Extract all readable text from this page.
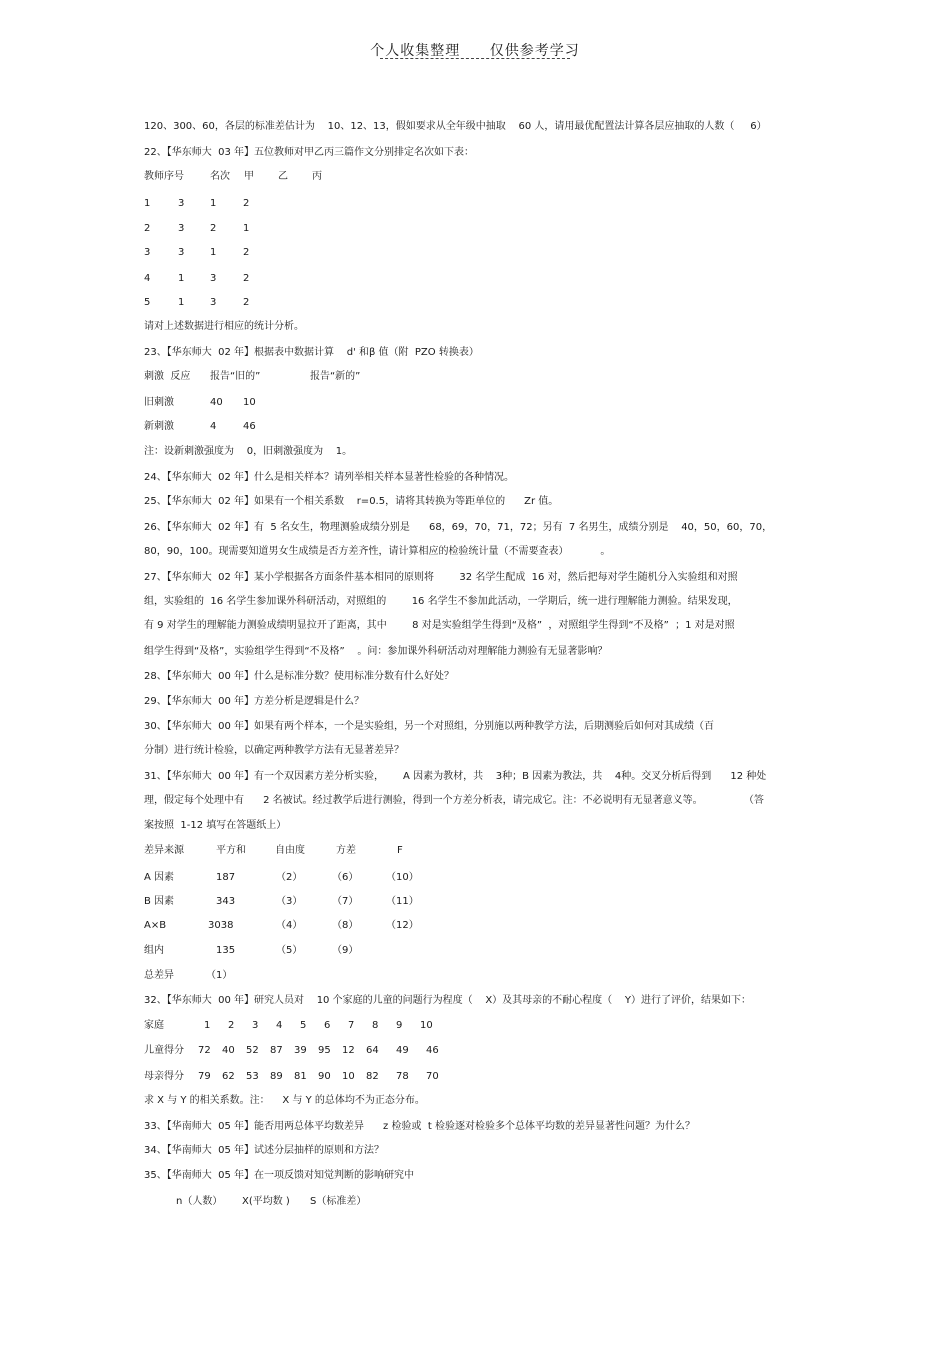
个人收集整理 仅供参考学习
120、300、60，各层的标准差估计为    10、12、13，假如要求从全年级中抽取    60 人，请用最优配置法计算各层应抽取的人数（     6）
22、【华东师大  03 年】五位教师对甲乙丙三篇作文分别排定名次如下表：
教师序号	名次 甲 乙 丙
1	3	1	2
2	3	2	1
3	3	1	2
4	1	3	2
5	1	3	2
请对上述数据进行相应的统计分析。
23、【华东师大  02 年】根据表中数据计算    d' 和β 值（附  PZO 转换表）
刺激  反应 报告“旧的”	报告“新的”
旧刺激	40 10
新刺激	4	46
注：设新刺激强度为    0，旧刺激强度为    1。
24、【华东师大  02 年】什么是相关样本？请列举相关样本显著性检验的各种情况。
25、【华东师大  02 年】如果有一个相关系数    r=0.5，请将其转换为等距单位的      Zr 值。
26、【华东师大  02 年】有  5 名女生，物理测验成绩分别是      68，69，70，71，72；另有  7 名男生，成绩分别是    40，50，60，70，
80，90，100。现需要知道男女生成绩是否方差齐性，请计算相应的检验统计量（不需要查表）          。
27、【华东师大  02 年】某小学根据各方面条件基本相同的原则将        32 名学生配成  16 对，然后把每对学生随机分入实验组和对照
组，实验组的  16 名学生参加课外科研活动，对照组的        16 名学生不参加此活动，一学期后，统一进行理解能力测验。结果发现，
有 9 对学生的理解能力测验成绩明显拉开了距离，其中        8 对是实验组学生得到“及格”  ，对照组学生得到“不及格”  ；1 对是对照
组学生得到“及格”，实验组学生得到“不及格”    。问：参加课外科研活动对理解能力测验有无显著影响？
28、【华东师大  00 年】什么是标准分数？使用标准分数有什么好处？
29、【华东师大  00 年】方差分析是逻辑是什么？
30、【华东师大  00 年】如果有两个样本，一个是实验组，另一个对照组，分别施以两种教学方法，后期测验后如何对其成绩（百
分制）进行统计检验，以确定两种教学方法有无显著差异？
31、【华东师大  00 年】有一个双因素方差分析实验，      A 因素为教材，共    3种；B 因素为教法，共    4种。交叉分析后得到      12 种处
理，假定每个处理中有      2 名被试。经过教学后进行测验，得到一个方差分析表，请完成它。注：不必说明有无显著意义等。             （答
案按照  1-12 填写在答题纸上）
差异来源	平方和	自由度	方差	F
A 因素	187	（2）	（6）	（10）
B 因素	343	（3）	（7）	（11）
A×B	3038	（4）	（8）	（12）
组内	135	（5）	（9）
总差异	（1）
32、【华东师大  00 年】研究人员对    10 个家庭的儿童的问题行为程度（    X）及其母亲的不耐心程度（    Y）进行了评价，结果如下：
家庭	1 2 3 4 5 6 7 8 9 10
儿童得分 72 40 52 87 39 95 12 64 49 46
母亲得分 79 62 53 89 81 90 10 82 78 70
求 X 与 Y 的相关系数。注：    X 与 Y 的总体均不为正态分布。
33、【华南师大  05 年】能否用两总体平均数差异      z 检验或  t 检验逐对检验多个总体平均数的差异显著性问题？为什么？
34、【华南师大  05 年】试述分层抽样的原则和方法？
35、【华南师大  05 年】在一项反馈对知觉判断的影响研究中
n（人数） X(平均数 ) S（标准差）
